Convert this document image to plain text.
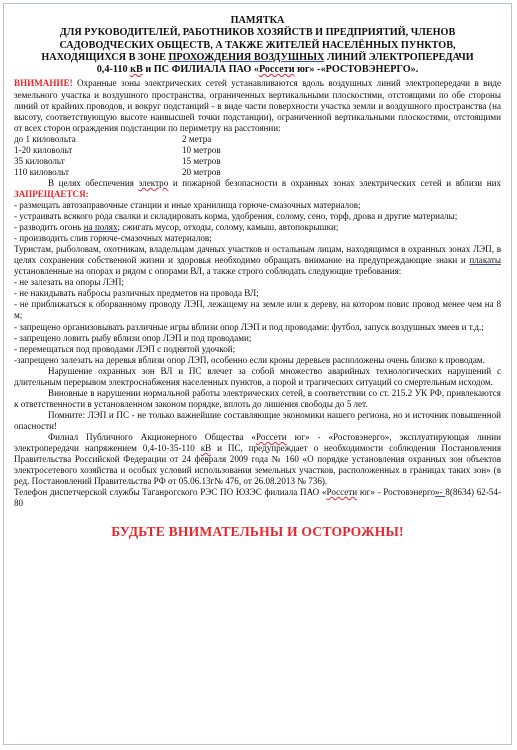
ПАМЯТКА
ДЛЯ РУКОВОДИТЕЛЕЙ, РАБОТНИКОВ ХОЗЯЙСТВ И ПРЕДПРИЯТИЙ, ЧЛЕНОВ
САДОВОДЧЕСКИХ ОБЩЕСТВ, А ТАКЖЕ ЖИТЕЛЕЙ НАСЕЛЁННЫХ ПУНКТОВ,
НАХОДЯЩИХСЯ В ЗОНЕ ПРОХОЖДЕНИЯ ВОЗДУШНЫХ ЛИНИЙ ЭЛЕКТРОПЕРЕДАЧИ
0,4-110 кВ и ПС ФИЛИАЛА ПАО «Россети юг» -«РОСТОВЭНЕРГО».

ВНИМАНИЕ! Охранные зоны электрических сетей устанавливаются вдоль воздушных линий электропередачи в виде земельного участка и воздушного пространства, ограниченных вертикальными плоскостями, отстоящими по обе стороны линий от крайних проводов, и вокруг подстанций - в виде части поверхности участка земли и воздушного пространства (на высоту, соответствующую высоте наивысшей точки подстанции), ограниченной вертикальными плоскостями, отстоящими от всех сторон ограждения подстанции по периметру на расстоянии:

до 1 киловольта	2 метра
1-20 киловольт	10 метров
35 киловольт	15 метров
110 киловольт	20 метров

В целях обеспечения электро и пожарной безопасности в охранных зонах электрических сетей и вблизи них ЗАПРЕЩАЕТСЯ:

- размещать автозаправочные станции и иные хранилища горюче-смазочных материалов;

- устраивать всякого рода свалки и складировать корма, удобрения, солому, сено, торф, дрова и другие материалы;

- разводить огонь на полях; сжигать мусор, отходы, солому, камыш, автопокрышки;

- производить слив горюче-смазочных материалов;

Туристам, рыболовам, охотникам, владельцам дачных участков и остальным лицам, находящимся в охранных зонах ЛЭП, в целях сохранения собственной жизни и здоровья необходимо обращать внимание на предупреждающие знаки и плакаты установленные на опорах и рядом с опорами ВЛ, а также строго соблюдать следующие требования:

- не залезать на опоры ЛЭП;

- не накидывать набросы различных предметов на провода ВЛ;

- не приближаться к оборванному проводу ЛЭП, лежащему на земле или к дереву, на котором повис провод менее чем на 8 м;

- запрещено организовывать различные игры вблизи опор ЛЭП и под проводами: футбол, запуск воздушных змеев и т.д.;

- запрещено ловить рыбу вблизи опор ЛЭП и под проводами;

- перемещаться под проводами ЛЭП с поднятой удочкой;

-запрещено залезать на деревья вблизи опор ЛЭП, особенно если кроны деревьев расположены очень близко к проводам.

Нарушение охранных зон ВЛ и ПС влечет за собой множество аварийных технологических нарушений с длительным перерывом электроснабжения населенных пунктов, а порой и трагических ситуаций со смертельным исходом.

Виновные в нарушении нормальной работы электрических сетей, в соответствии со ст. 215.2 УК РФ, привлекаются к ответственности в установленном законом порядке, вплоть до лишения свободы до 5 лет.

Помните: ЛЭП и ПС - не только важнейшие составляющие экономики нашего региона, но и источник повышенной опасности!

Филиал Публичного Акционерного Общества «Россети юг» - «Ростовэнерго», эксплуатирующая линии электропередачи напряжением 0,4-10-35-110 кВ и ПС, предупреждает о необходимости соблюдения Постановления Правительства Российской Федерации от 24 февраля 2009 года № 160 «О порядке установления охранных зон объектов электросетевого хозяйства и особых условий использования земельных участков, расположенных в границах таких зон» (в ред. Постановлений Правительства РФ от 05.06.13г№ 476, от 26.08.2013 № 736).

Телефон диспетчерской службы Таганрогского РЭС ПО ЮЗЭС филиала ПАО «Россети юг» - Ростовэнерго»- 8(8634) 62-54-80

БУДЬТЕ ВНИМАТЕЛЬНЫ И ОСТОРОЖНЫ!
